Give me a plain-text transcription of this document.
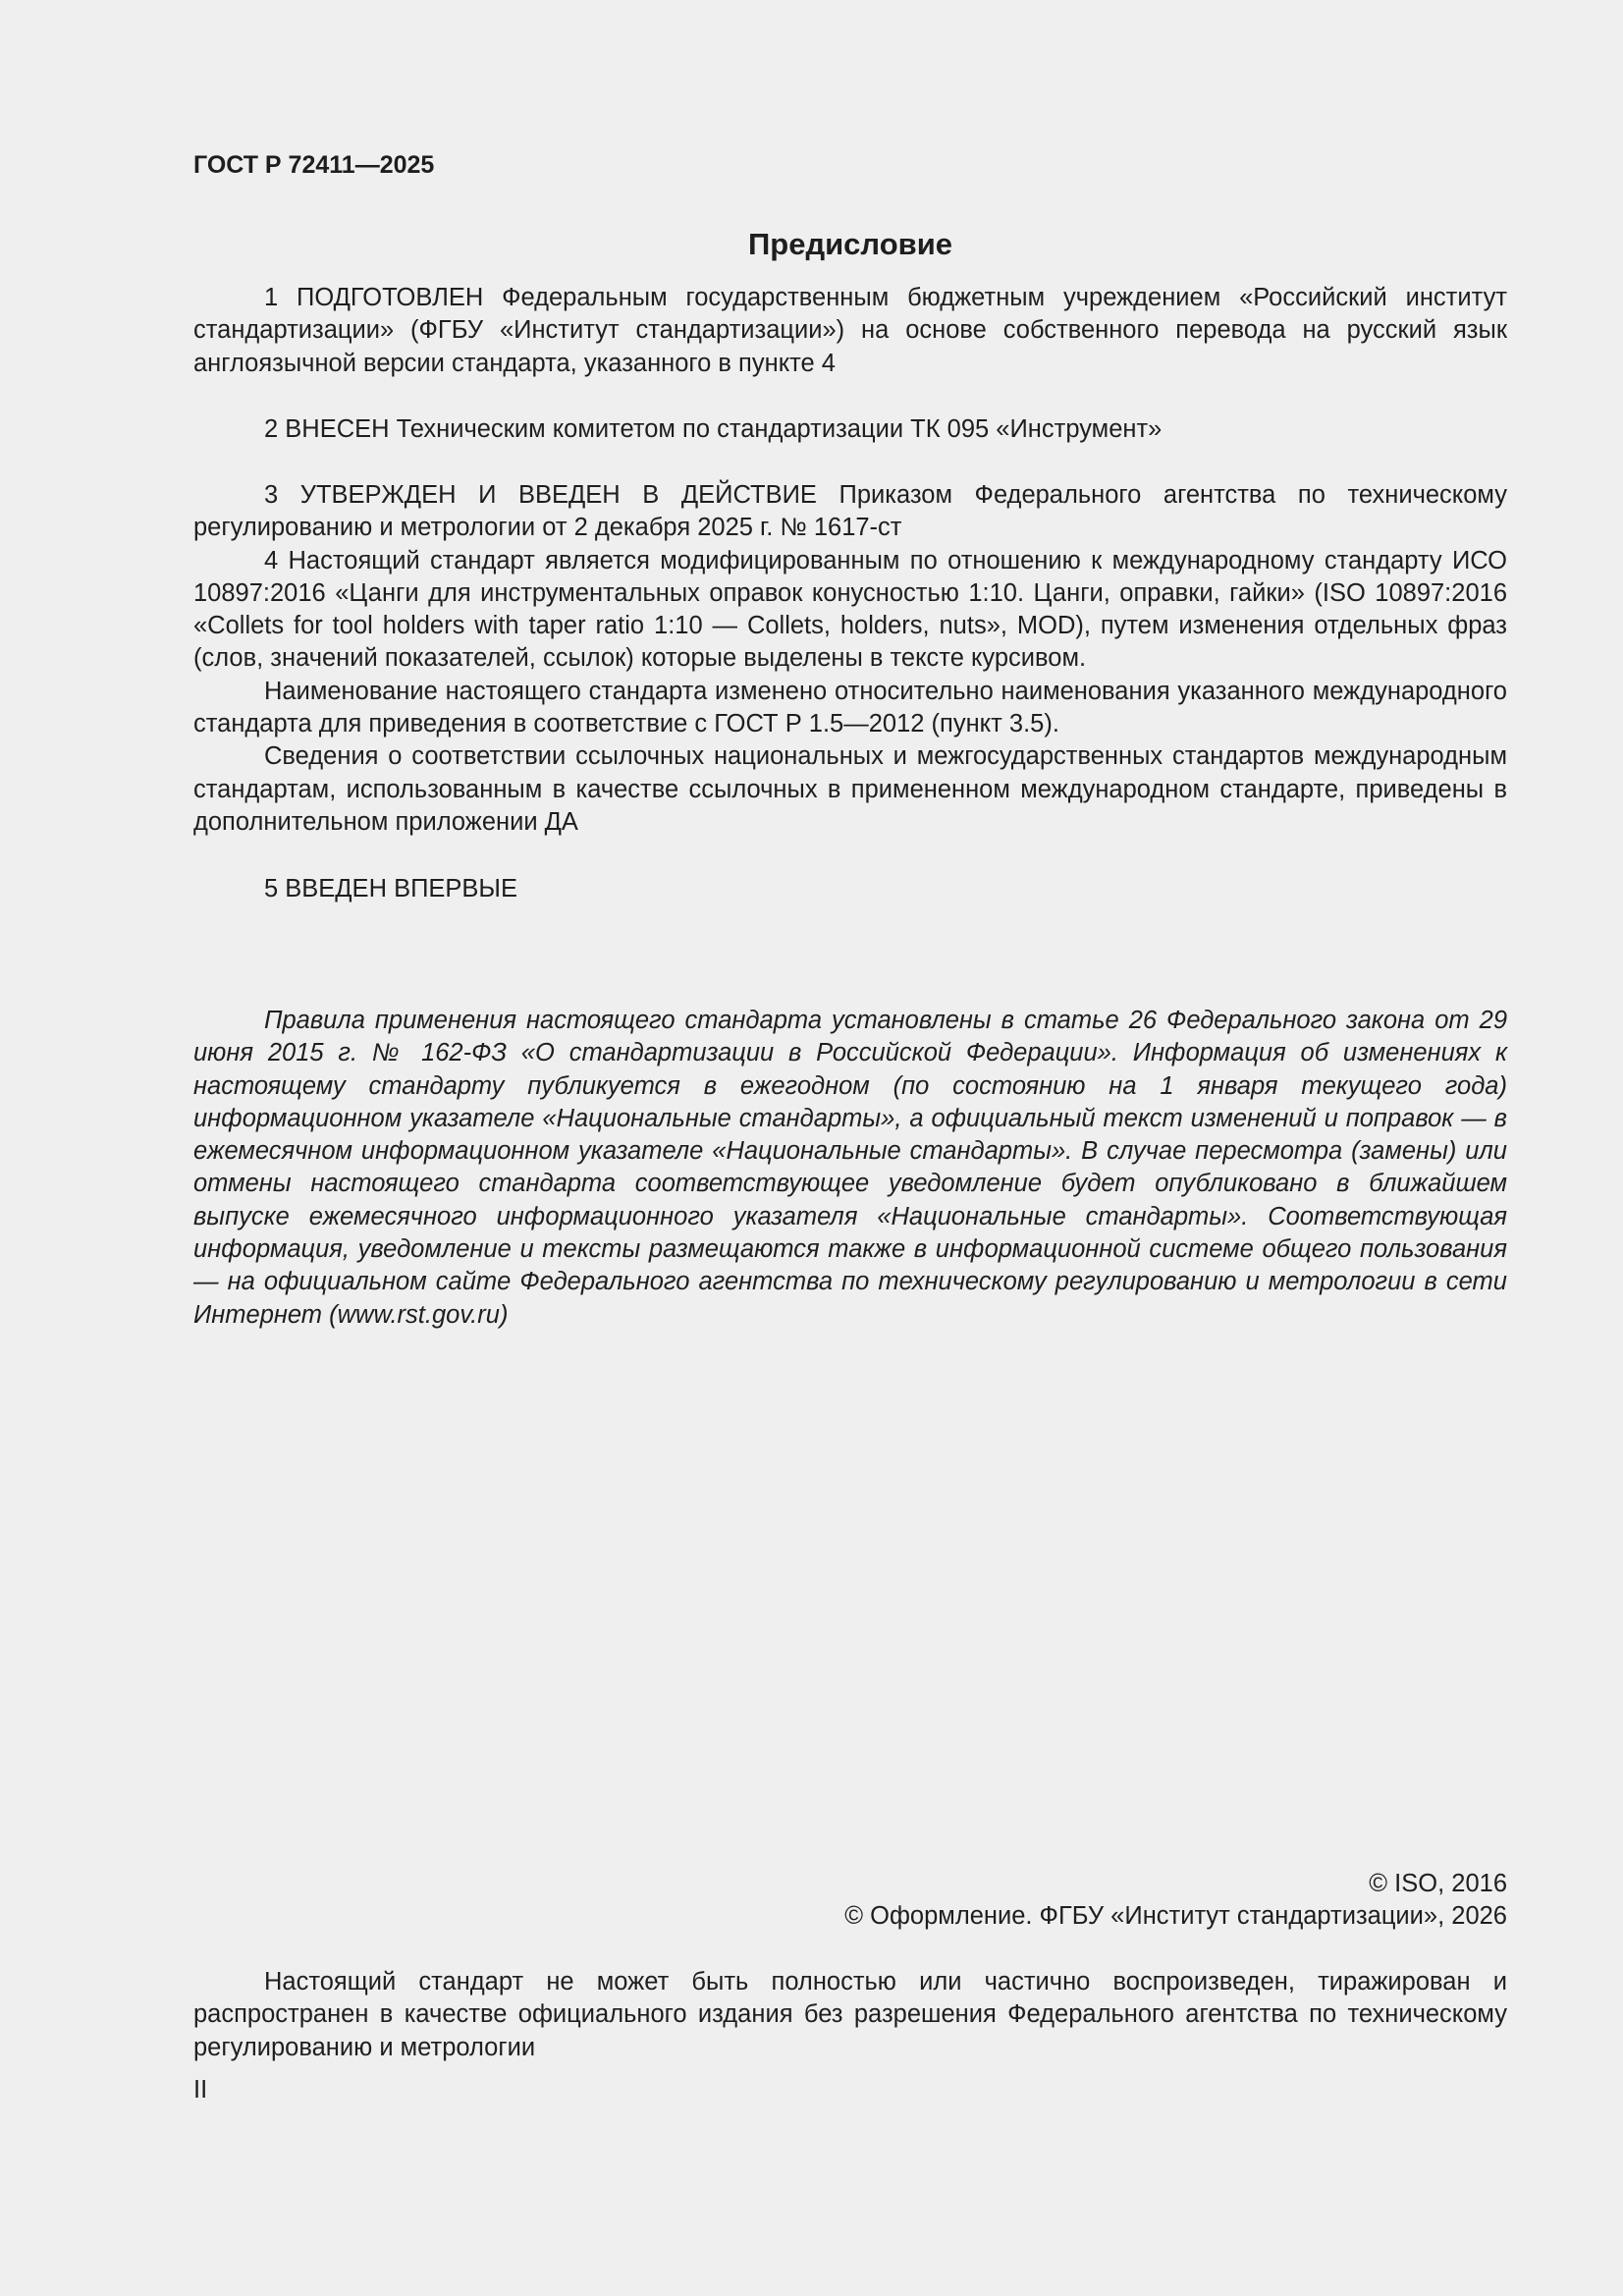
ГОСТ Р 72411—2025
Предисловие

1 ПОДГОТОВЛЕН Федеральным государственным бюджетным учреждением «Российский институт стандартизации» (ФГБУ «Институт стандартизации») на основе собственного перевода на русский язык англоязычной версии стандарта, указанного в пункте 4

2 ВНЕСЕН Техническим комитетом по стандартизации ТК 095 «Инструмент»

3 УТВЕРЖДЕН И ВВЕДЕН В ДЕЙСТВИЕ Приказом Федерального агентства по техническому регулированию и метрологии от 2 декабря 2025 г. № 1617-ст

4 Настоящий стандарт является модифицированным по отношению к международному стандарту ИСО 10897:2016 «Цанги для инструментальных оправок конусностью 1:10. Цанги, оправки, гайки» (ISO 10897:2016 «Collets for tool holders with taper ratio 1:10 — Collets, holders, nuts», MOD), путем изменения отдельных фраз (слов, значений показателей, ссылок) которые выделены в тексте курсивом.

Наименование настоящего стандарта изменено относительно наименования указанного международного стандарта для приведения в соответствие с ГОСТ Р 1.5—2012 (пункт 3.5).

Сведения о соответствии ссылочных национальных и межгосударственных стандартов международным стандартам, использованным в качестве ссылочных в примененном международном стандарте, приведены в дополнительном приложении ДА

5 ВВЕДЕН ВПЕРВЫЕ

Правила применения настоящего стандарта установлены в статье 26 Федерального закона от 29 июня 2015 г. № 162-ФЗ «О стандартизации в Российской Федерации». Информация об изменениях к настоящему стандарту публикуется в ежегодном (по состоянию на 1 января текущего года) информационном указателе «Национальные стандарты», а официальный текст изменений и поправок — в ежемесячном информационном указателе «Национальные стандарты». В случае пересмотра (замены) или отмены настоящего стандарта соответствующее уведомление будет опубликовано в ближайшем выпуске ежемесячного информационного указателя «Национальные стандарты». Соответствующая информация, уведомление и тексты размещаются также в информационной системе общего пользования — на официальном сайте Федерального агентства по техническому регулированию и метрологии в сети Интернет (www.rst.gov.ru)

© ISO, 2016
© Оформление. ФГБУ «Институт стандартизации», 2026

Настоящий стандарт не может быть полностью или частично воспроизведен, тиражирован и распространен в качестве официального издания без разрешения Федерального агентства по техническому регулированию и метрологии

II
